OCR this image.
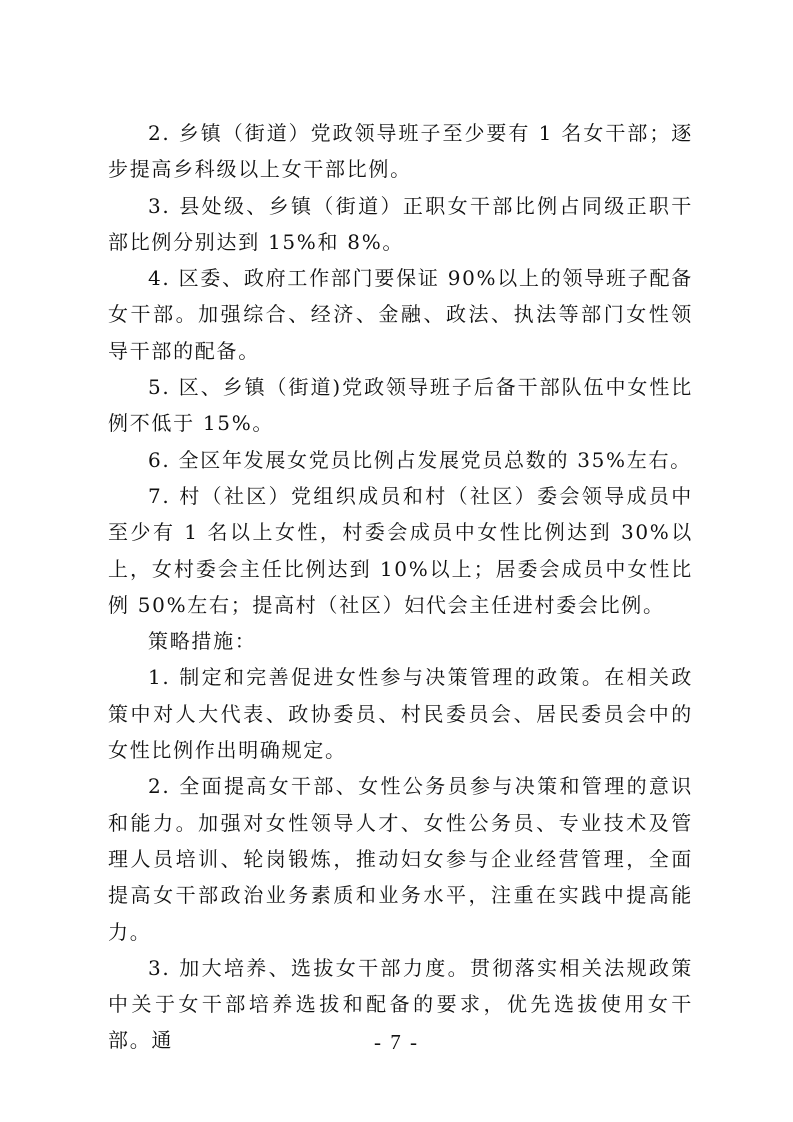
2. 乡镇（街道）党政领导班子至少要有 1 名女干部；逐步提高乡科级以上女干部比例。

3. 县处级、乡镇（街道）正职女干部比例占同级正职干部比例分别达到 15%和 8%。

4. 区委、政府工作部门要保证 90%以上的领导班子配备女干部。加强综合、经济、金融、政法、执法等部门女性领导干部的配备。

5. 区、乡镇（街道)党政领导班子后备干部队伍中女性比例不低于 15%。

6. 全区年发展女党员比例占发展党员总数的 35%左右。

7. 村（社区）党组织成员和村（社区）委会领导成员中至少有 1 名以上女性，村委会成员中女性比例达到 30%以上，女村委会主任比例达到 10%以上；居委会成员中女性比例 50%左右；提高村（社区）妇代会主任进村委会比例。

策略措施：

1. 制定和完善促进女性参与决策管理的政策。在相关政策中对人大代表、政协委员、村民委员会、居民委员会中的女性比例作出明确规定。

2. 全面提高女干部、女性公务员参与决策和管理的意识和能力。加强对女性领导人才、女性公务员、专业技术及管理人员培训、轮岗锻炼，推动妇女参与企业经营管理，全面提高女干部政治业务素质和业务水平，注重在实践中提高能力。

3. 加大培养、选拔女干部力度。贯彻落实相关法规政策中关于女干部培养选拔和配备的要求，优先选拔使用女干部。通	- 7 -
